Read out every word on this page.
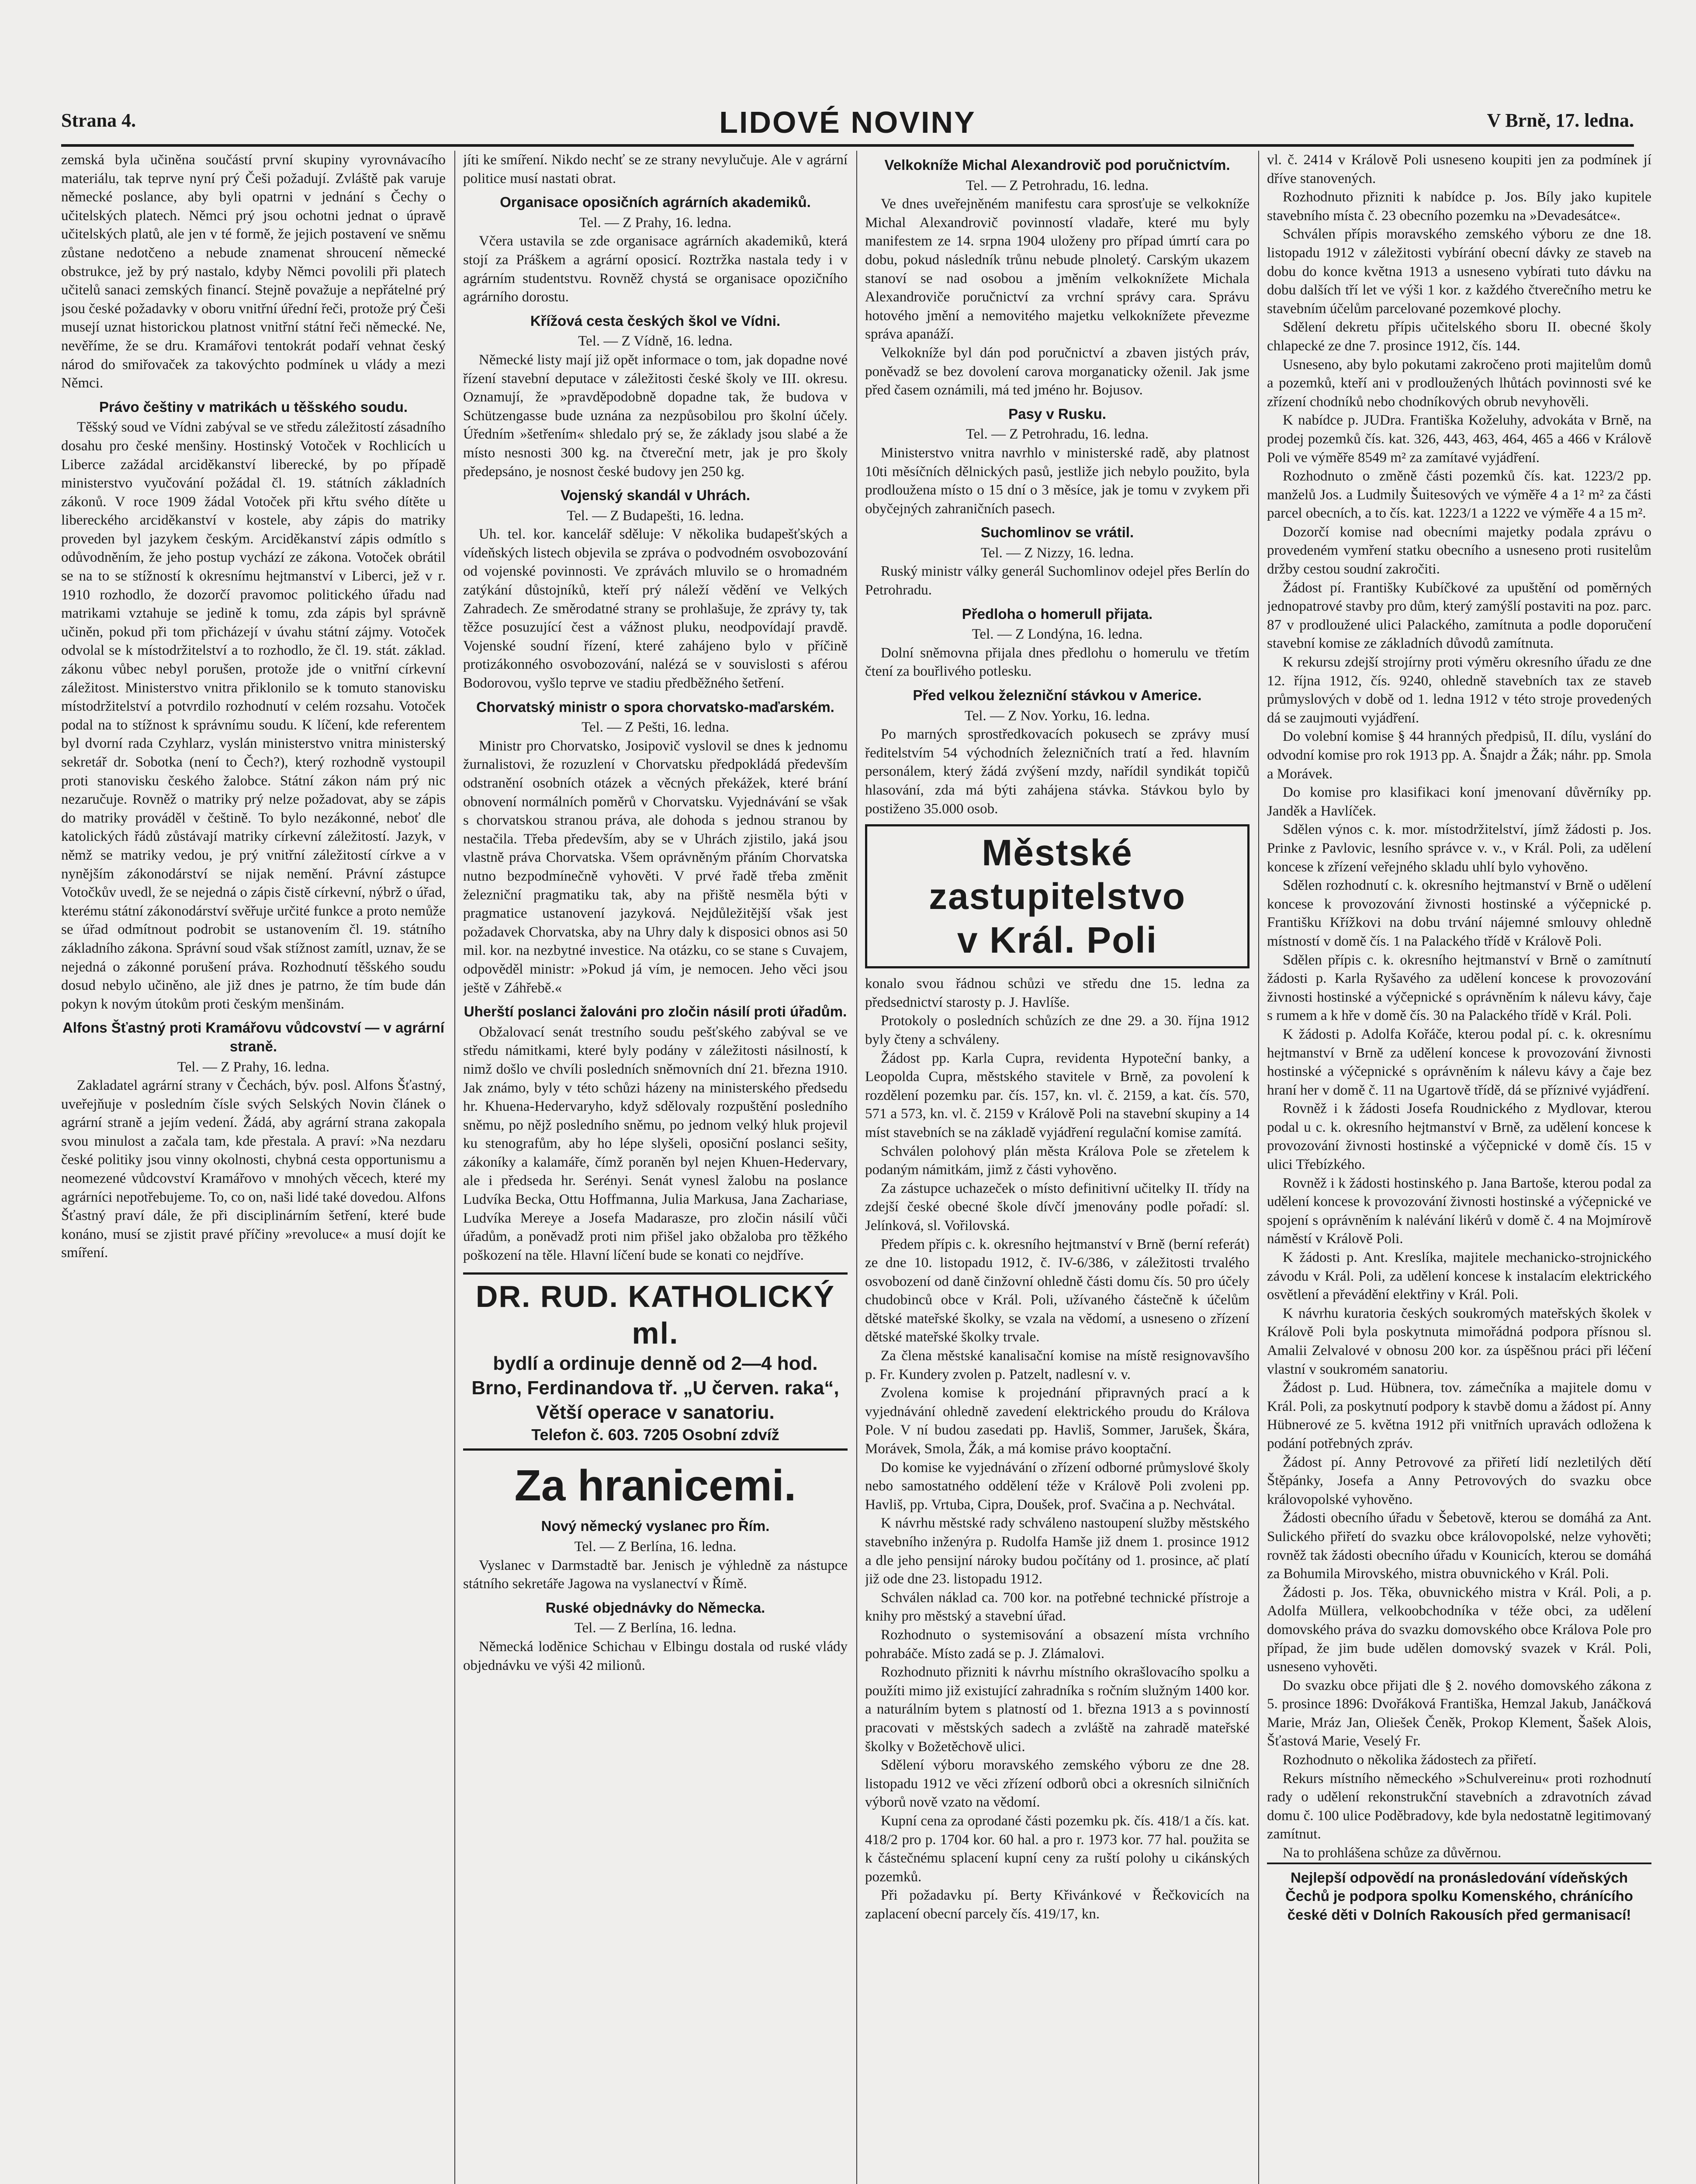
Strana 4.	LIDOVÉ NOVINY	V Brně, 17. ledna.

zemská byla učiněna součástí první skupiny vyrovnávacího materiálu, tak teprve nyní prý Češi požadují. Zvláště pak varuje německé poslance, aby byli opatrni v jednání s Čechy o učitelských platech. Němci prý jsou ochotni jednat o úpravě učitelských platů, ale jen v té formě, že jejich postavení ve sněmu zůstane nedotčeno a nebude znamenat shroucení německé obstrukce, jež by prý nastalo, kdyby Němci povolili při platech učitelů sanaci zemských financí. Stejně považuje a nepřátelné prý jsou české požadavky v oboru vnitřní úřední řeči, protože prý Češi musejí uznat historickou platnost vnitřní státní řeči německé. Ne, nevěříme, že se dru. Kramářovi tentokrát podaří vehnat český národ do smiřovaček za takovýchto podmínek u vlády a mezi Němci.

Právo češtiny v matrikách u těšského soudu.

Těšský soud ve Vídni zabýval se ve středu záležitostí zásadního dosahu pro české menšiny. Hostinský Votoček v Rochlicích u Liberce zažádal arciděkanství liberecké, by po případě ministerstvo vyučování požádal čl. 19. státních základních zákonů. V roce 1909 žádal Votoček při křtu svého dítěte u libereckého arciděkanství v kostele, aby zápis do matriky proveden byl jazykem českým. Arciděkanství zápis odmítlo s odůvodněním, že jeho postup vychází ze zákona. Votoček obrátil se na to se stížností k okresnímu hejtmanství v Liberci, jež v r. 1910 rozhodlo, že dozorčí pravomoc politického úřadu nad matrikami vztahuje se jedině k tomu, zda zápis byl správně učiněn, pokud při tom přicházejí v úvahu státní zájmy. Votoček odvolal se k místodržitelství a to rozhodlo, že čl. 19. stát. základ. zákonu vůbec nebyl porušen, protože jde o vnitřní církevní záležitost. Ministerstvo vnitra přiklonilo se k tomuto stanovisku místodržitelství a potvrdilo rozhodnutí v celém rozsahu. Votoček podal na to stížnost k správnímu soudu. K líčení, kde referentem byl dvorní rada Czyhlarz, vyslán ministerstvo vnitra ministerský sekretář dr. Sobotka (není to Čech?), který rozhodně vystoupil proti stanovisku českého žalobce. Státní zákon nám prý nic nezaručuje. Rovněž o matriky prý nelze požadovat, aby se zápis do matriky prováděl v češtině. To bylo nezákonné, neboť dle katolických řádů zůstávají matriky církevní záležitostí. Jazyk, v němž se matriky vedou, je prý vnitřní záležitostí církve a v nynějším zákonodárství se nijak nemění. Právní zástupce Votočkův uvedl, že se nejedná o zápis čistě církevní, nýbrž o úřad, kterému státní zákonodárství svěřuje určité funkce a proto nemůže se úřad odmítnout podrobit se ustanovením čl. 19. státního základního zákona. Správní soud však stížnost zamítl, uznav, že se nejedná o zákonné porušení práva. Rozhodnutí těšského soudu dosud nebylo učiněno, ale již dnes je patrno, že tím bude dán pokyn k novým útokům proti českým menšinám.

Alfons Šťastný proti Kramářovu vůdcovství — v agrární straně.

Tel. — Z Prahy, 16. ledna.

Zakladatel agrární strany v Čechách, býv. posl. Alfons Šťastný, uveřejňuje v posledním čísle svých Selských Novin článek o agrární straně a jejím vedení. Žádá, aby agrární strana zakopala svou minulost a začala tam, kde přestala. A praví: »Na nezdaru české politiky jsou vinny okolnosti, chybná cesta opportunismu a neomezené vůdcovství Kramářovo v mnohých věcech, které my agrárníci nepotřebujeme. To, co on, naši lidé také dovedou. Alfons Šťastný praví dále, že při disciplinárním šetření, které bude konáno, musí se zjistit pravé příčiny »revoluce« a musí dojít ke smíření.

jíti ke smíření. Nikdo nechť se ze strany nevylučuje. Ale v agrární politice musí nastati obrat.

Organisace oposičních agrárních akademiků.

Tel. — Z Prahy, 16. ledna.

Včera ustavila se zde organisace agrárních akademiků, která stojí za Práškem a agrární oposicí. Roztržka nastala tedy i v agrárním studentstvu. Rovněž chystá se organisace opozičního agrárního dorostu.

Křížová cesta českých škol ve Vídni.

Tel. — Z Vídně, 16. ledna.

Německé listy mají již opět informace o tom, jak dopadne nové řízení stavební deputace v záležitosti české školy ve III. okresu. Oznamují, že »pravděpodobně dopadne tak, že budova v Schützengasse bude uznána za nezpůsobilou pro školní účely. Úředním »šetřením« shledalo prý se, že základy jsou slabé a že místo nesnosti 300 kg. na čtvereční metr, jak je pro školy předepsáno, je nosnost české budovy jen 250 kg.

Vojenský skandál v Uhrách.

Tel. — Z Budapešti, 16. ledna.

Uh. tel. kor. kancelář sděluje: V několika budapešťských a vídeňských listech objevila se zpráva o podvodném osvobozování od vojenské povinnosti. Ve zprávách mluvilo se o hromadném zatýkání důstojníků, kteří prý náleží vědění ve Velkých Zahradech. Ze směrodatné strany se prohlašuje, že zprávy ty, tak těžce posuzující čest a vážnost pluku, neodpovídají pravdě. Vojenské soudní řízení, které zahájeno bylo v příčině protizákonného osvobozování, nalézá se v souvislosti s aférou Bodorovou, vyšlo teprve ve stadiu předběžného šetření.

Chorvatský ministr o spora chorvatsko-maďarském.

Tel. — Z Pešti, 16. ledna.

Ministr pro Chorvatsko, Josipovič vyslovil se dnes k jednomu žurnalistovi, že rozuzlení v Chorvatsku předpokládá především odstranění osobních otázek a věcných překážek, které brání obnovení normálních poměrů v Chorvatsku. Vyjednávání se však s chorvatskou stranou práva, ale dohoda s jednou stranou by nestačila. Třeba především, aby se v Uhrách zjistilo, jaká jsou vlastně práva Chorvatska. Všem oprávněným přáním Chorvatska nutno bezpodmínečně vyhověti. V prvé řadě třeba změnit železniční pragmatiku tak, aby na přiště nesměla býti v pragmatice ustanovení jazyková. Nejdůležitější však jest požadavek Chorvatska, aby na Uhry daly k disposici obnos asi 50 mil. kor. na nezbytné investice. Na otázku, co se stane s Cuvajem, odpověděl ministr: »Pokud já vím, je nemocen. Jeho věci jsou ještě v Záhřebě.«

Uherští poslanci žalováni pro zločin násilí proti úřadům.

Obžalovací senát trestního soudu pešťského zabýval se ve středu námitkami, které byly podány v záležitosti násilností, k nimž došlo ve chvíli posledních sněmovních dní 21. března 1910. Jak známo, byly v této schůzi házeny na ministerského předsedu hr. Khuena-Hedervaryho, když sdělovaly rozpuštění posledního sněmu, po nějž posledního sněmu, po jednom velký hluk projevil ku stenografům, aby ho lépe slyšeli, oposiční poslanci sešity, zákoníky a kalamáře, čímž poraněn byl nejen Khuen-Hedervary, ale i předseda hr. Serényi. Senát vynesl žalobu na poslance Ludvíka Becka, Ottu Hoffmanna, Julia Markusa, Jana Zachariase, Ludvíka Mereye a Josefa Madarasze, pro zločin násilí vůči úřadům, a poněvadž proti nim přišel jako obžaloba pro těžkého poškození na těle. Hlavní líčení bude se konati co nejdříve.

DR. RUD. KATHOLICKÝ ml.
bydlí a ordinuje denně od 2—4 hod.
Brno, Ferdinandova tř. „U červen. raka“,
Větší operace v sanatoriu.
Telefon č. 603. 7205 Osobní zdvíž
Za hranicemi.

Nový německý vyslanec pro Řím.

Tel. — Z Berlína, 16. ledna.

Vyslanec v Darmstadtě bar. Jenisch je výhledně za nástupce státního sekretáře Jagowa na vyslanectví v Římě.

Ruské objednávky do Německa.

Tel. — Z Berlína, 16. ledna.

Německá loděnice Schichau v Elbingu dostala od ruské vlády objednávku ve výši 42 milionů.

Velkokníže Michal Alexandrovič pod poručnictvím.

Tel. — Z Petrohradu, 16. ledna.

Ve dnes uveřejněném manifestu cara sprosťuje se velkokníže Michal Alexandrovič povinností vladaře, které mu byly manifestem ze 14. srpna 1904 uloženy pro případ úmrtí cara po dobu, pokud následník trůnu nebude plnoletý. Carským ukazem stanoví se nad osobou a jměním velkoknížete Michala Alexandroviče poručnictví za vrchní správy cara. Správu hotového jmění a nemovitého majetku velkoknížete převezme správa apanáží.

Velkokníže byl dán pod poručnictví a zbaven jistých práv, poněvadž se bez dovolení carova morganaticky oženil. Jak jsme před časem oznámili, má ted jméno hr. Bojusov.

Pasy v Rusku.

Tel. — Z Petrohradu, 16. ledna.

Ministerstvo vnitra navrhlo v ministerské radě, aby platnost 10ti měsíčních dělnických pasů, jestliže jich nebylo použito, byla prodloužena místo o 15 dní o 3 měsíce, jak je tomu v zvykem při obyčejných zahraničních pasech.

Suchomlinov se vrátil.

Tel. — Z Nizzy, 16. ledna.

Ruský ministr války generál Suchomlinov odejel přes Berlín do Petrohradu.

Předloha o homerull přijata.

Tel. — Z Londýna, 16. ledna.

Dolní sněmovna přijala dnes předlohu o homerulu ve třetím čtení za bouřlivého potlesku.

Před velkou železniční stávkou v Americe.

Tel. — Z Nov. Yorku, 16. ledna.

Po marných sprostředkovacích pokusech se zprávy musí ředitelstvím 54 východních železničních tratí a řed. hlavním personálem, který žádá zvýšení mzdy, nařídil syndikát topičů hlasování, zda má býti zahájena stávka. Stávkou bylo by postiženo 35.000 osob.

Městské zastupitelstvo
v Král. Poli

konalo svou řádnou schůzi ve středu dne 15. ledna za předsednictví starosty p. J. Havlíše.

Protokoly o posledních schůzích ze dne 29. a 30. října 1912 byly čteny a schváleny.

Žádost pp. Karla Cupra, revidenta Hypoteční banky, a Leopolda Cupra, městského stavitele v Brně, za povolení k rozdělení pozemku par. čís. 157, kn. vl. č. 2159, a kat. čís. 570, 571 a 573, kn. vl. č. 2159 v Králově Poli na stavební skupiny a 14 míst stavebních se na základě vyjádření regulační komise zamítá.

Schválen polohový plán města Králova Pole se zřetelem k podaným námitkám, jimž z části vyhověno.

Za zástupce uchazeček o místo definitivní učitelky II. třídy na zdejší české obecné škole dívčí jmenovány podle pořadí: sl. Jelínková, sl. Vořilovská.

Předem přípis c. k. okresního hejtmanství v Brně (berní referát) ze dne 10. listopadu 1912, č. IV-6/386, v záležitosti trvalého osvobození od daně činžovní ohledně části domu čís. 50 pro účely chudobinců obce v Král. Poli, užívaného částečně k účelům dětské mateřské školky, se vzala na vědomí, a usneseno o zřízení dětské mateřské školky trvale.

Za člena městské kanalisační komise na místě resignovavšího p. Fr. Kundery zvolen p. Patzelt, nadlesní v. v.

Zvolena komise k projednání připravných prací a k vyjednávání ohledně zavedení elektrického proudu do Králova Pole. V ní budou zasedati pp. Havliš, Sommer, Jarušek, Škára, Morávek, Smola, Žák, a má komise právo kooptační.

Do komise ke vyjednávání o zřízení odborné průmyslové školy nebo samostatného oddělení téže v Králově Poli zvoleni pp. Havliš, pp. Vrtuba, Cipra, Doušek, prof. Svačina a p. Nechvátal.

K návrhu městské rady schváleno nastoupení služby městského stavebního inženýra p. Rudolfa Hamše již dnem 1. prosince 1912 a dle jeho pensijní nároky budou počítány od 1. prosince, ač platí již ode dne 23. listopadu 1912.

Schválen náklad ca. 700 kor. na potřebné technické přístroje a knihy pro městský a stavební úřad.

Rozhodnuto o systemisování a obsazení místa vrchního pohrabáče. Místo zadá se p. J. Zlámalovi.

Rozhodnuto přizniti k návrhu místního okrašlovacího spolku a použíti mimo již existující zahradníka s ročním služným 1400 kor. a naturálním bytem s platností od 1. března 1913 a s povinností pracovati v městských sadech a zvláště na zahradě mateřské školky v Božetěchově ulici.

Sdělení výboru moravského zemského výboru ze dne 28. listopadu 1912 ve věci zřízení odborů obci a okresních silničních výborů nově vzato na vědomí.

Kupní cena za oprodané části pozemku pk. čís. 418/1 a čís. kat. 418/2 pro p. 1704 kor. 60 hal. a pro r. 1973 kor. 77 hal. použita se k částečnému splacení kupní ceny za ruští polohy u cikánských pozemků.

Při požadavku pí. Berty Křivánkové v Řečkovicích na zaplacení obecní parcely čís. 419/17, kn.

vl. č. 2414 v Králově Poli usneseno koupiti jen za podmínek jí dříve stanovených.

Rozhodnuto přizniti k nabídce p. Jos. Bíly jako kupitele stavebního místa č. 23 obecního pozemku na »Devadesátce«.

Schválen přípis moravského zemského výboru ze dne 18. listopadu 1912 v záležitosti vybírání obecní dávky ze staveb na dobu do konce května 1913 a usneseno vybírati tuto dávku na dobu dalších tří let ve výši 1 kor. z každého čtverečního metru ke stavebním účelům parcelované pozemkové plochy.

Sdělení dekretu přípis učitelského sboru II. obecné školy chlapecké ze dne 7. prosince 1912, čís. 144.

Usneseno, aby bylo pokutami zakročeno proti majitelům domů a pozemků, kteří ani v prodloužených lhůtách povinnosti své ke zřízení chodníků nebo chodníkových obrub nevyhověli.

K nabídce p. JUDra. Františka Koželuhy, advokáta v Brně, na prodej pozemků čís. kat. 326, 443, 463, 464, 465 a 466 v Králově Poli ve výměře 8549 m² za zamítavé vyjádření.

Rozhodnuto o změně části pozemků čís. kat. 1223/2 pp. manželů Jos. a Ludmily Šuitesových ve výměře 4 a 1² m² za části parcel obecních, a to čís. kat. 1223/1 a 1222 ve výměře 4 a 15 m².

Dozorčí komise nad obecními majetky podala zprávu o provedeném vymření statku obecního a usneseno proti rusitelům držby cestou soudní zakročiti.

Žádost pí. Františky Kubíčkové za upuštění od poměrných jednopatrové stavby pro dům, který zamýšlí postaviti na poz. parc. 87 v prodloužené ulici Palackého, zamítnuta a podle doporučení stavební komise ze základních důvodů zamítnuta.

K rekursu zdejší strojírny proti výměru okresního úřadu ze dne 12. října 1912, čís. 9240, ohledně stavebních tax ze staveb průmyslových v době od 1. ledna 1912 v této stroje provedených dá se zaujmouti vyjádření.

Do volební komise § 44 hranných předpisů, II. dílu, vyslání do odvodní komise pro rok 1913 pp. A. Šnajdr a Žák; náhr. pp. Smola a Morávek.

Do komise pro klasifikaci koní jmenovaní důvěrníky pp. Janděk a Havlíček.

Sdělen výnos c. k. mor. místodržitelství, jímž žádosti p. Jos. Prinke z Pavlovic, lesního správce v. v., v Král. Poli, za udělení koncese k zřízení veřejného skladu uhlí bylo vyhověno.

Sdělen rozhodnutí c. k. okresního hejtmanství v Brně o udělení koncese k provozování živnosti hostinské a výčepnické p. Františku Křížkovi na dobu trvání nájemné smlouvy ohledně místností v domě čís. 1 na Palackého třídě v Králově Poli.

Sdělen přípis c. k. okresního hejtmanství v Brně o zamítnutí žádosti p. Karla Ryšavého za udělení koncese k provozování živnosti hostinské a výčepnické s oprávněním k nálevu kávy, čaje s rumem a k hře v domě čís. 30 na Palackého třídě v Král. Poli.

K žádosti p. Adolfa Kořáče, kterou podal pí. c. k. okresnímu hejtmanství v Brně za udělení koncese k provozování živnosti hostinské a výčepnické s oprávněním k nálevu kávy a čaje bez hraní her v domě č. 11 na Ugartově třídě, dá se příznivé vyjádření.

Rovněž i k žádosti Josefa Roudnického z Mydlovar, kterou podal u c. k. okresního hejtmanství v Brně, za udělení koncese k provozování živnosti hostinské a výčepnické v domě čís. 15 v ulici Třebízkého.

Rovněž i k žádosti hostinského p. Jana Bartoše, kterou podal za udělení koncese k provozování živnosti hostinské a výčepnické ve spojení s oprávněním k nalévání likérů v domě č. 4 na Mojmírově náměstí v Králově Poli.

K žádosti p. Ant. Kreslíka, majitele mechanicko-strojnického závodu v Král. Poli, za udělení koncese k instalacím elektrického osvětlení a převádění elektřiny v Král. Poli.

K návrhu kuratoria českých soukromých mateřských školek v Králově Poli byla poskytnuta mimořádná podpora přísnou sl. Amalii Zelvalové v obnosu 200 kor. za úspěšnou práci při léčení vlastní v soukromém sanatoriu.

Žádost p. Lud. Hübnera, tov. zámečníka a majitele domu v Král. Poli, za poskytnutí podpory k stavbě domu a žádost pí. Anny Hübnerové ze 5. května 1912 při vnitřních upravách odložena k podání potřebných zpráv.

Žádost pí. Anny Petrovové za přiřetí lidí nezletilých dětí Štěpánky, Josefa a Anny Petrovových do svazku obce královopolské vyhověno.

Žádosti obecního úřadu v Šebetově, kterou se domáhá za Ant. Sulického přiřetí do svazku obce královopolské, nelze vyhověti; rovněž tak žádosti obecního úřadu v Kounicích, kterou se domáhá za Bohumila Mirovského, mistra obuvnického v Král. Poli.

Žádosti p. Jos. Těka, obuvnického mistra v Král. Poli, a p. Adolfa Müllera, velkoobchodníka v téže obci, za udělení domovského práva do svazku domovského obce Králova Pole pro případ, že jim bude udělen domovský svazek v Král. Poli, usneseno vyhověti.

Do svazku obce přijati dle § 2. nového domovského zákona z 5. prosince 1896: Dvořáková Františka, Hemzal Jakub, Janáčková Marie, Mráz Jan, Oliešek Čeněk, Prokop Klement, Šašek Alois, Šťastová Marie, Veselý Fr.

Rozhodnuto o několika žádostech za přiřetí.

Rekurs místního německého »Schulvereinu« proti rozhodnutí rady o udělení rekonstrukční stavebních a zdravotních závad domu č. 100 ulice Poděbradovy, kde byla nedostatně legitimovaný zamítnut.

Na to prohlášena schůze za důvěrnou.

Nejlepší odpovědí na pronásledování vídeňských Čechů je podpora spolku Komenského, chránícího české děti v Dolních Rakousích před germanisací!
